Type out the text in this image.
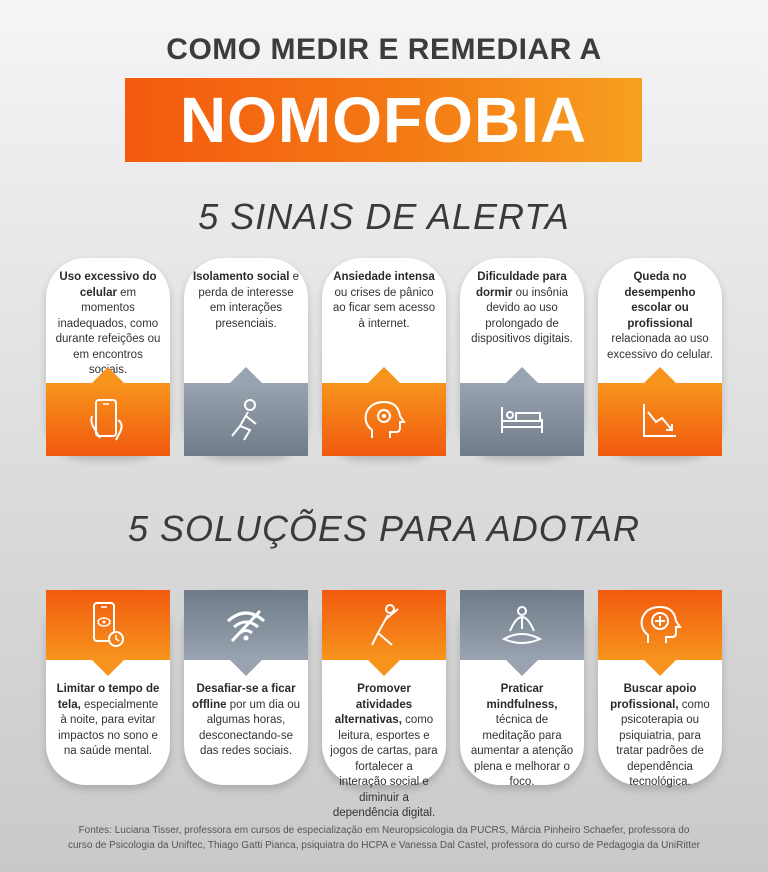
COMO MEDIR E REMEDIAR A
NOMOFOBIA
5 SINAIS DE ALERTA
Uso excessivo do celular em momentos inadequados, como durante refeições ou em encontros sociais.
Isolamento social e perda de interesse em interações presenciais.
Ansiedade intensa ou crises de pânico ao ficar sem acesso à internet.
Dificuldade para dormir ou insônia devido ao uso prolongado de dispositivos digitais.
Queda no desempenho escolar ou profissional relacionada ao uso excessivo do celular.
5 SOLUÇÕES PARA ADOTAR
Limitar o tempo de tela, especialmente à noite, para evitar impactos no sono e na saúde mental.
Desafiar-se a ficar offline por um dia ou algumas horas, desconectando-se das redes sociais.
Promover atividades alternativas, como leitura, esportes e jogos de cartas, para fortalecer a interação social e diminuir a dependência digital.
Praticar mindfulness, técnica de meditação para aumentar a atenção plena e melhorar o foco.
Buscar apoio profissional, como psicoterapia ou psiquiatria, para tratar padrões de dependência tecnológica.
Fontes: Luciana Tisser, professora em cursos de especialização em Neuropsicologia da PUCRS, Márcia Pinheiro Schaefer, professora do
curso de Psicologia da Uniftec, Thiago Gatti Pianca, psiquiatra do HCPA e Vanessa Dal Castel, professora do curso de Pedagogia da UniRitter
